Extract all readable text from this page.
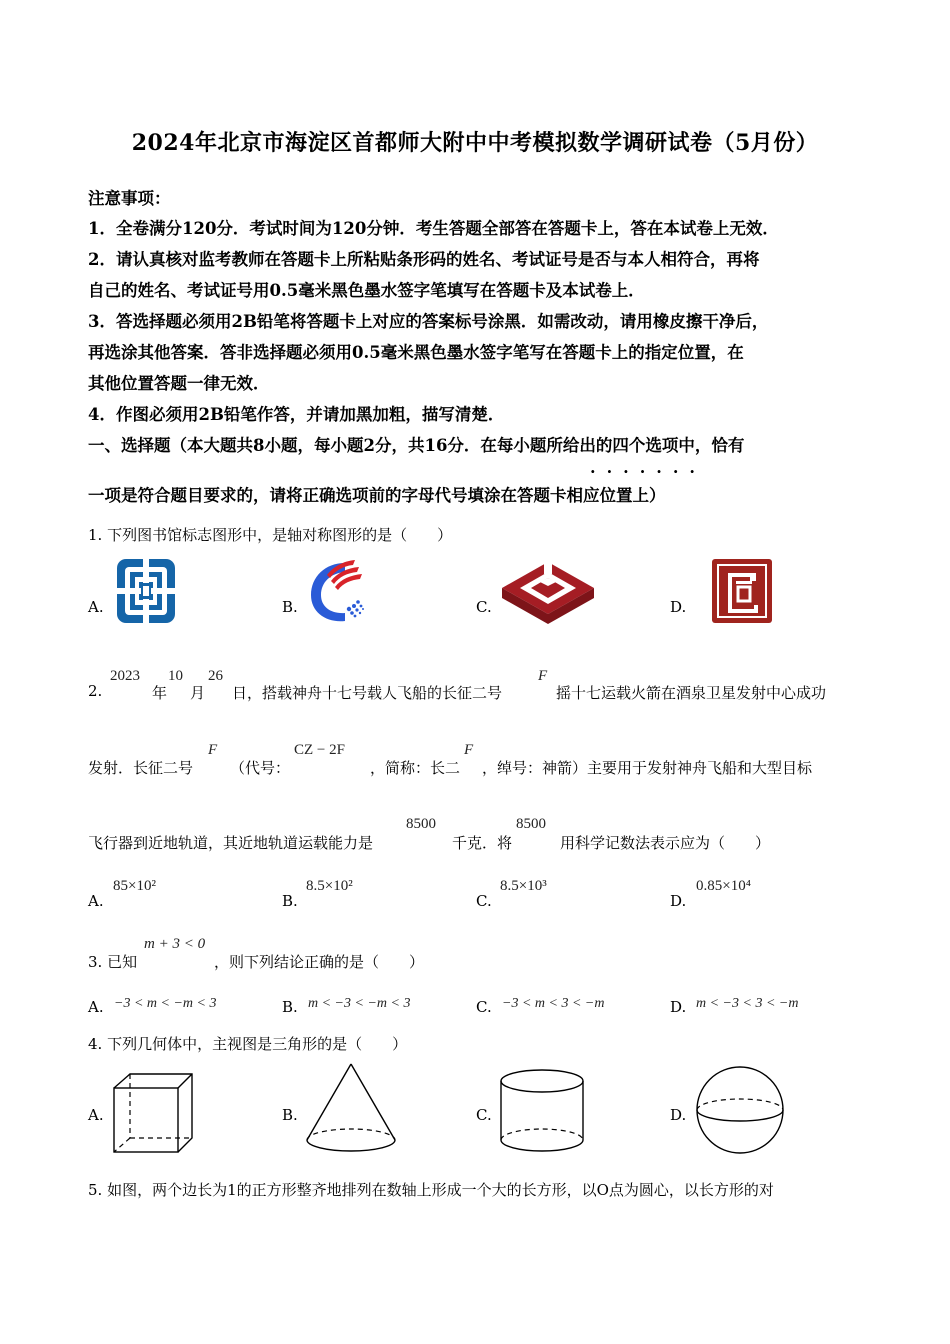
2024年北京市海淀区首都师大附中中考模拟数学调研试卷（5月份）
注意事项：
1．全卷满分120分．考试时间为120分钟．考生答题全部答在答题卡上，答在本试卷上无效．
2．请认真核对监考教师在答题卡上所粘贴条形码的姓名、考试证号是否与本人相符合，再将
自己的姓名、考试证号用0.5毫米黑色墨水签字笔填写在答题卡及本试卷上．
3．答选择题必须用2B铅笔将答题卡上对应的答案标号涂黑．如需改动，请用橡皮擦干净后，
再选涂其他答案．答非选择题必须用0.5毫米黑色墨水签字笔写在答题卡上的指定位置，在
其他位置答题一律无效．
4．作图必须用2B铅笔作答，并请加黑加粗，描写清楚．
一、选择题（本大题共8小题，每小题2分，共16分．在每小题所给出的四个选项中，恰有
·······
一项是符合题目要求的，请将正确选项前的字母代号填涂在答题卡相应位置上）
1. 下列图书馆标志图形中，是轴对称图形的是（　　）
A.	B.	C.	D.
2.
2023
年
10
月
26
日，搭载神舟十七号载人飞船的长征二号
F
摇十七运载火箭在酒泉卫星发射中心成功
发射．长征二号
F
（代号：
CZ − 2F
，简称：长二
F
，绰号：神箭）主要用于发射神舟飞船和大型目标
飞行器到近地轨道，其近地轨道运载能力是
8500
千克．将
8500
用科学记数法表示应为（　　）
A.
85×10²
B.
8.5×10²
C.
8.5×10³
D.
0.85×10⁴
3. 已知
m + 3 < 0
，则下列结论正确的是（　　）
A. −3 < m < −m < 3	B. m < −3 < −m < 3	C. −3 < m < 3 < −m	D. m < −3 < 3 < −m
4. 下列几何体中，主视图是三角形的是（　　）
A.	B.	C.	D.
5. 如图，两个边长为1的正方形整齐地排列在数轴上形成一个大的长方形，以O点为圆心，以长方形的对
